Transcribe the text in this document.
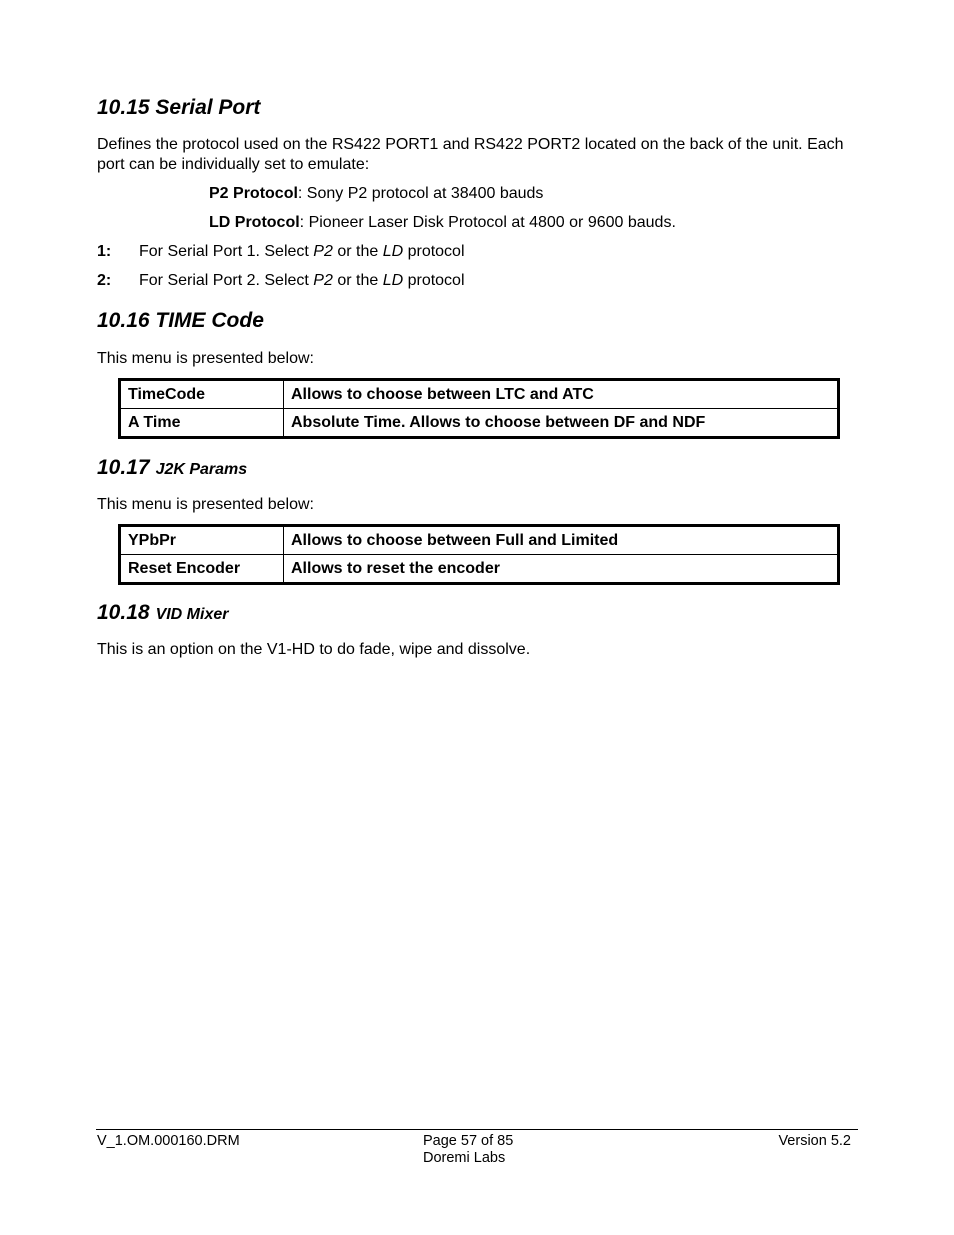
10.15 Serial Port

Defines the protocol used on the RS422 PORT1 and RS422 PORT2 located on the back of the unit. Each port can be individually set to emulate:

P2 Protocol: Sony P2 protocol at 38400 bauds

LD Protocol: Pioneer Laser Disk Protocol at 4800 or 9600 bauds.

1: For Serial Port 1. Select P2 or the LD protocol
2: For Serial Port 2. Select P2 or the LD protocol
10.16 TIME Code

This menu is presented below:

TimeCode	Allows to choose between LTC and ATC
A Time	Absolute Time. Allows to choose between DF and NDF
10.17 J2K Params

This menu is presented below:

YPbPr	Allows to choose between Full and Limited
Reset Encoder	Allows to reset the encoder
10.18 VID Mixer

This is an option on the V1-HD to do fade, wipe and dissolve.

V_1.OM.000160.DRM	Page 57 of 85
Doremi Labs
Version 5.2
